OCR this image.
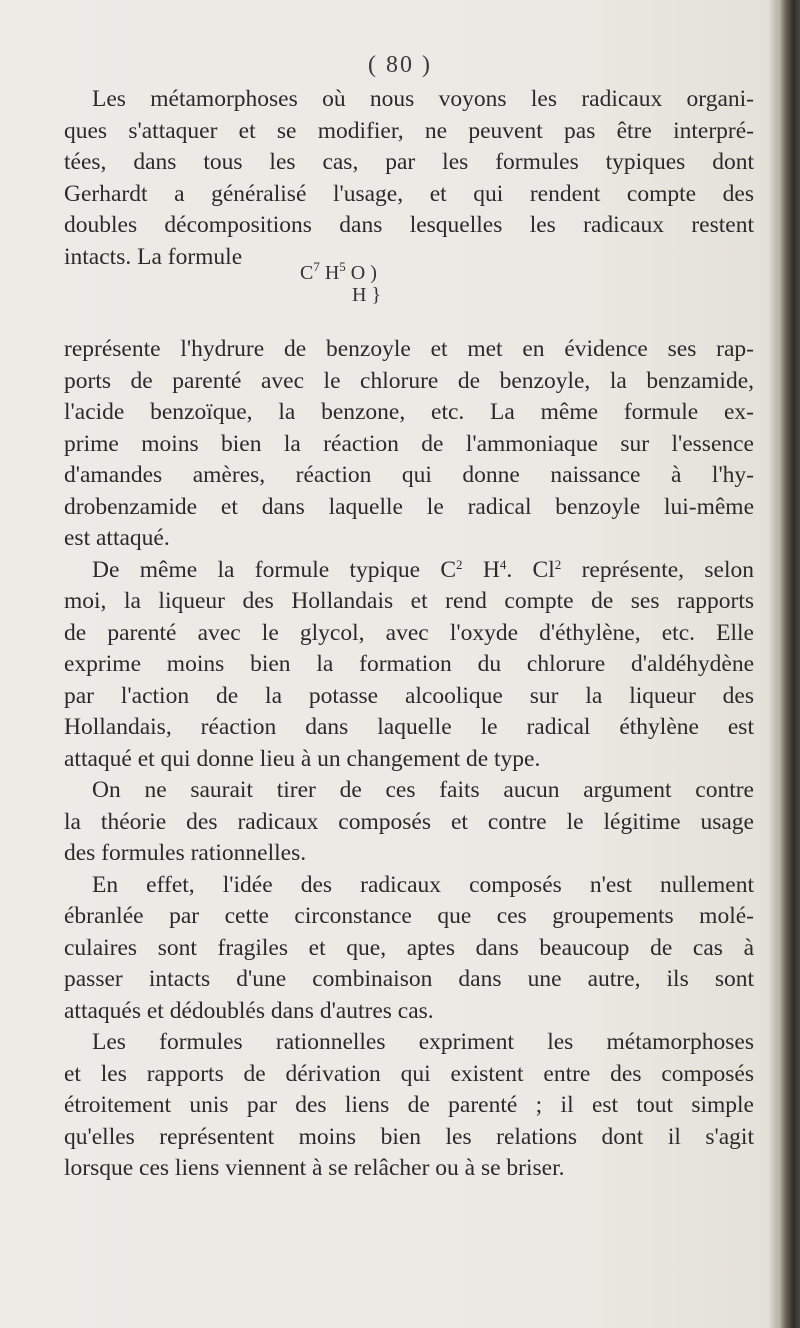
( 80 )
Les métamorphoses où nous voyons les radicaux organi-
ques s'attaquer et se modifier, ne peuvent pas être interpré-
tées, dans tous les cas, par les formules typiques dont
Gerhardt a généralisé l'usage, et qui rendent compte des
doubles décompositions dans lesquelles les radicaux restent
intacts. La formule
$C^7$ $H^5$ O )
H }
représente l'hydrure de benzoyle et met en évidence ses rap-
ports de parenté avec le chlorure de benzoyle, la benzamide,
l'acide benzoïque, la benzone, etc. La même formule ex-
prime moins bien la réaction de l'ammoniaque sur l'essence
d'amandes amères, réaction qui donne naissance à l'hy-
drobenzamide et dans laquelle le radical benzoyle lui-même
est attaqué.
De même la formule typique $C^2$ $H^4$. Cl$^2$ représente, selon
moi, la liqueur des Hollandais et rend compte de ses rapports
de parenté avec le glycol, avec l'oxyde d'éthylène, etc. Elle
exprime moins bien la formation du chlorure d'aldéhydène
par l'action de la potasse alcoolique sur la liqueur des
Hollandais, réaction dans laquelle le radical éthylène est
attaqué et qui donne lieu à un changement de type.
On ne saurait tirer de ces faits aucun argument contre
la théorie des radicaux composés et contre le légitime usage
des formules rationnelles.
En effet, l'idée des radicaux composés n'est nullement
ébranlée par cette circonstance que ces groupements molé-
culaires sont fragiles et que, aptes dans beaucoup de cas à
passer intacts d'une combinaison dans une autre, ils sont
attaqués et dédoublés dans d'autres cas.
Les formules rationnelles expriment les métamorphoses
et les rapports de dérivation qui existent entre des composés
étroitement unis par des liens de parenté ; il est tout simple
qu'elles représentent moins bien les relations dont il s'agit
lorsque ces liens viennent à se relâcher ou à se briser.
